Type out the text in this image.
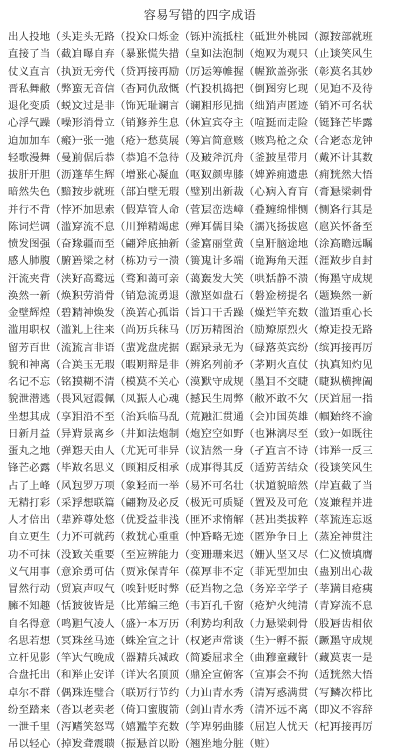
容易写错的四字成语
出人投地（头）
走头无路（投）
众口烁金（铄）
中流抵柱（砥）
世外桃园（源）
按部就班
直接了当（截）
自曝自弃（暴）
张慌失措（皇）
如法泡制（炮）
叹为观只（止）
谈笑风生
仗义直言（执）
贡无旁代（贷）
再接再励（厉）
运筹帷握（幄）
欲盖弥张（彰）
莫名其妙
晋私舞敝（弊）
蛮无音信（杳）
同仇敌慨（忾）
投机捣把（倒）
图穷匕现（见）
迫不及待
退化变质（蜕）
文过是非（饰）
无耻谰言（谰）
相形见拙（绌）
消声匿迹（销）
不可名状
心浮气躁（噪）
形消骨立（销）
修养生息（休）
宣宾夺主（喧）
挺而走险（铤）
锋芒毕露
迫加加车（瘢）
一张一弛（疮）
一愁莫展（筹）
言简意赅（赅）
鸟枪之众（合）
老态龙钟
轻歌漫舞（曼）
前倨后恭（恭）
追不急待（及）
破斧沉舟（釜）
披星带月（戴）
不计其数
拔肝开胆（沥）
蓬荜生辉（增）
张心凝血（呕）
奴颜卑膝（婢）
养痈遗患（痈）
恍然大悟
暗然失色（黯）
按步就班（部）
白壁无瑕（璧）
别出新裁（心）
病入育肓（膏）
悬梁刺骨
并行不背（悖）
不加思索（假）
草管人命（菅）
层峦迭嶂（叠）
缠绵悱恻（恻）
各行其是
陈词烂调（滥）
穿流不息（川）
惮精竭虑（殚）
耳儒目染（濡）
飞扬拔扈（扈）
关怀备至
愤发图强（奋）
缘疆而至（翩）
斧底抽新（釜）
富丽堂黄（皇）
肝脑途地（涂）
高瞻远瞩
感人肺腹（腑）
善梁之材（栋）
功亏一溃（篑）
鬼计多端（诡）
海角天涯（涯）
故步自封
汗流夹背（浃）
好高鹜远（骛）
和蔼可亲（蔼）
轰发大笑（哄）
恬静不溃（悔）
墨守成规
涣然一新（焕）
积劳消骨（销）
急流勇退（激）
坚如盘石（磐）
金榜提名（题）
焕然一新
金壁辉煌（碧）
精神焕发（涣）
苦心孤诣（旨）
口干舌躁（燥）
烂竿充数（滥）
语重心长
滥用职权（滥）
礼上往来（尚）
历兵秣马（厉）
历精图治（励）
燎原烈火（燎）
走投无路
留芳百世（流）
流言非语（蜚）
龙盘虎据（踞）
录录无为（碌）
落英宾纷（缤）
再接再厉
貌和神离（合）
美玉无瑕（暇）
明辩是非（辨）
名列前矛（茅）
明火直仗（执）
真知灼见
名记不忘（铭）
摸糊不清（模）
莫不关心（漠）
默守成规（墨）
目不交睫（睫）
纵横捭阖
貌泄潜逃（畏）
风冠霞佩（凤）
振人心魂（撼）
民生周弊（敝）
不敢不欠（厌）
首屈一指
坐想其成（享）
泪沿不至（治）
兵临马乱（荒）
融汇贯通（会）
巾国英雄（帼）
始终不渝
日新月益（异）
背景离乡（井）
如法炮制（炮）
空空如野（也）
淋漓尽至（致）
一如既往
蛋丸之地（弹）
怨天由人（尤）
无可非异（议）
洁然一身（孑）
直言不诗（讳）
举一反三
锋芒必露（毕）
故名思义（顾）
相反相承（成）
事得其反（适）
劳苦结众（役）
谈笑风生
占了上峰（风）
包罗万项（象）
轻而一举（易）
不可名壮（状）
道貌暗然（岸）
直截了当
无精打彩（采）
浮想联篇（翩）
物及必反（极）
无可质疑（置）
及及可危（岌）
兼程并进
人才倍出（辈）
养尊处悠（优）
受益非浅（匪）
不求惰解（甚）
出类拔粹（萃）
流连忘返
自立更生（力）
不可就药（救）
忧心重重（忡）
昏略无迹（匿）
争争日上（蒸）
全神贯注
功不可抹（没）
致关重要（至）
应辨能力（变）
珊珊来迟（姗）
人坚又尽（仁）
义愤填膺
义气用事（意）
余勇可估（贾）
永保青年（葆）
厚非不定（菲）
无型加虫（蛊）
别出心裁
冒然行动（贸）
哀声叹气（唉）
针贬时弊（砭）
当物之急（务）
辛辛学子（莘）
满目疮痍
臃不知趣（恬）
彼彼皆是（比）
苇编三绝（韦）
百孔千窗（疮）
炉火纯清（青）
穿流不息
自名得意（鸣）
胆气凌人（盛）
一本万历（利）
势均利敌（力）
悬梁刺骨（股）
唇齿相依
名思若想（冥）
珠丝马迹（蛛）
全宣之计（权）
老声常谈（生）
一孵不振（蹶）
墨守成规
立杆见影（竿）
大气晚成（器）
精兵减政（简）
委屈求全（曲）
穆童藏针（藏）
莫衷一是
合盘托出（和）
举止安详（详）
大名顶顶（鼎）
全宣俯客（宣）
事会不拘（适）
恍然大悟
卓尔不群（偶）
珠连璧合（联）
厉行节约（力）
山青水秀（清）
写惑满贯（写）
鳞次栉比
纷至踏来（沓）
以老卖老（倚）
口蜜腹箭（剑）
山青水秀（清）
不远不离（即）
义不容辞
一泄千里（泻）
嗜笑怒骂（嬉）
濫竽充数（竽）
卑躬曲膝（屈）
岂人忧天（杞）
再接再厉
吊以轻心（掉）
发聋震聩（振）
悬首以盼（翘）
坐地分脏（赃）
